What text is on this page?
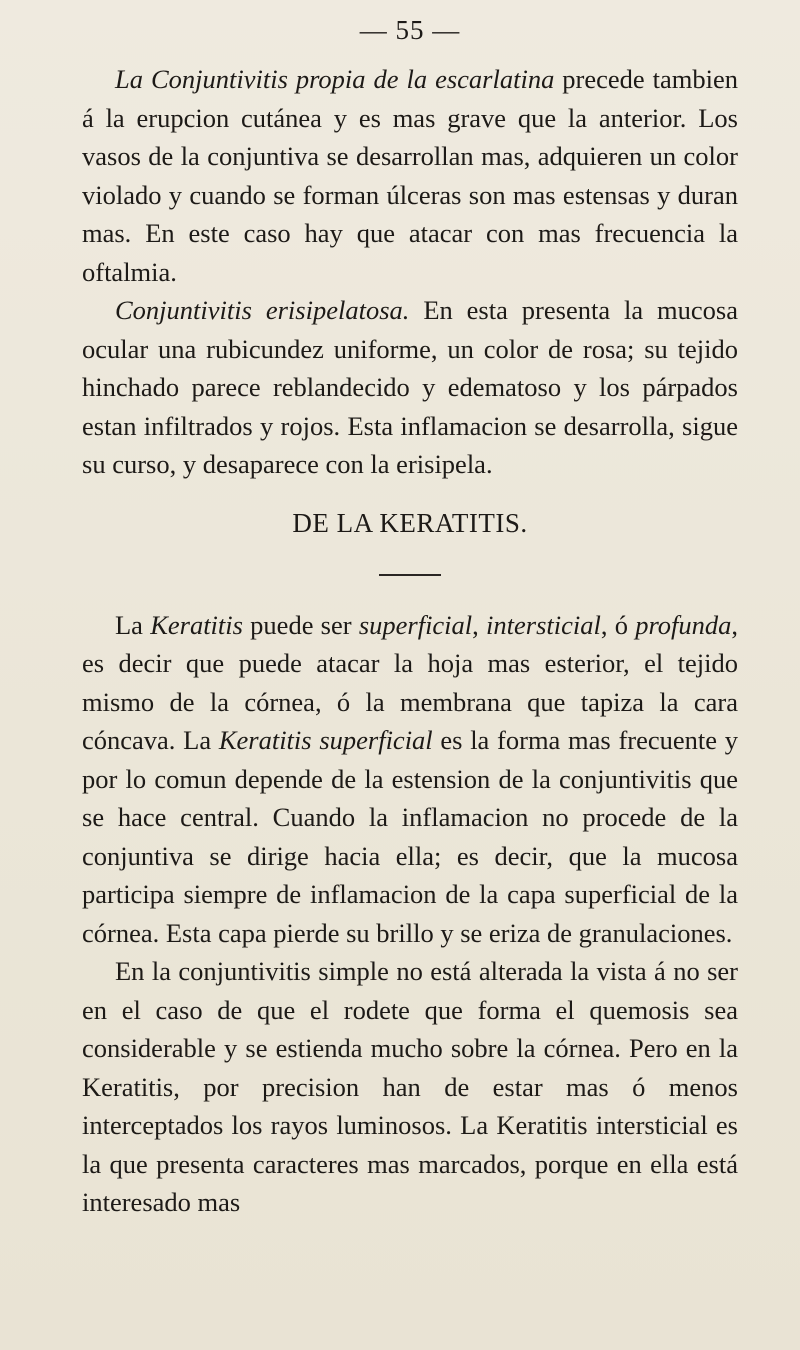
— 55 —

La Conjuntivitis propia de la escarlatina precede tambien á la erupcion cutánea y es mas grave que la anterior. Los vasos de la conjuntiva se desarrollan mas, adquieren un color violado y cuando se forman úlceras son mas estensas y duran mas. En este caso hay que atacar con mas frecuencia la oftalmia.

Conjuntivitis erisipelatosa. En esta presenta la mucosa ocular una rubicundez uniforme, un color de rosa; su tejido hinchado parece reblandecido y edematoso y los párpados estan infiltrados y rojos. Esta inflamacion se desarrolla, sigue su curso, y desaparece con la erisipela.

DE LA KERATITIS.

La Keratitis puede ser superficial, intersticial, ó profunda, es decir que puede atacar la hoja mas esterior, el tejido mismo de la córnea, ó la membrana que tapiza la cara cóncava. La Keratitis superficial es la forma mas frecuente y por lo comun depende de la estension de la conjuntivitis que se hace central. Cuando la inflamacion no procede de la conjuntiva se dirige hacia ella; es decir, que la mucosa participa siempre de inflamacion de la capa superficial de la córnea. Esta capa pierde su brillo y se eriza de granulaciones.

En la conjuntivitis simple no está alterada la vista á no ser en el caso de que el rodete que forma el quemosis sea considerable y se estienda mucho sobre la córnea. Pero en la Keratitis, por precision han de estar mas ó menos interceptados los rayos luminosos. La Keratitis intersticial es la que presenta caracteres mas marcados, porque en ella está interesado mas
